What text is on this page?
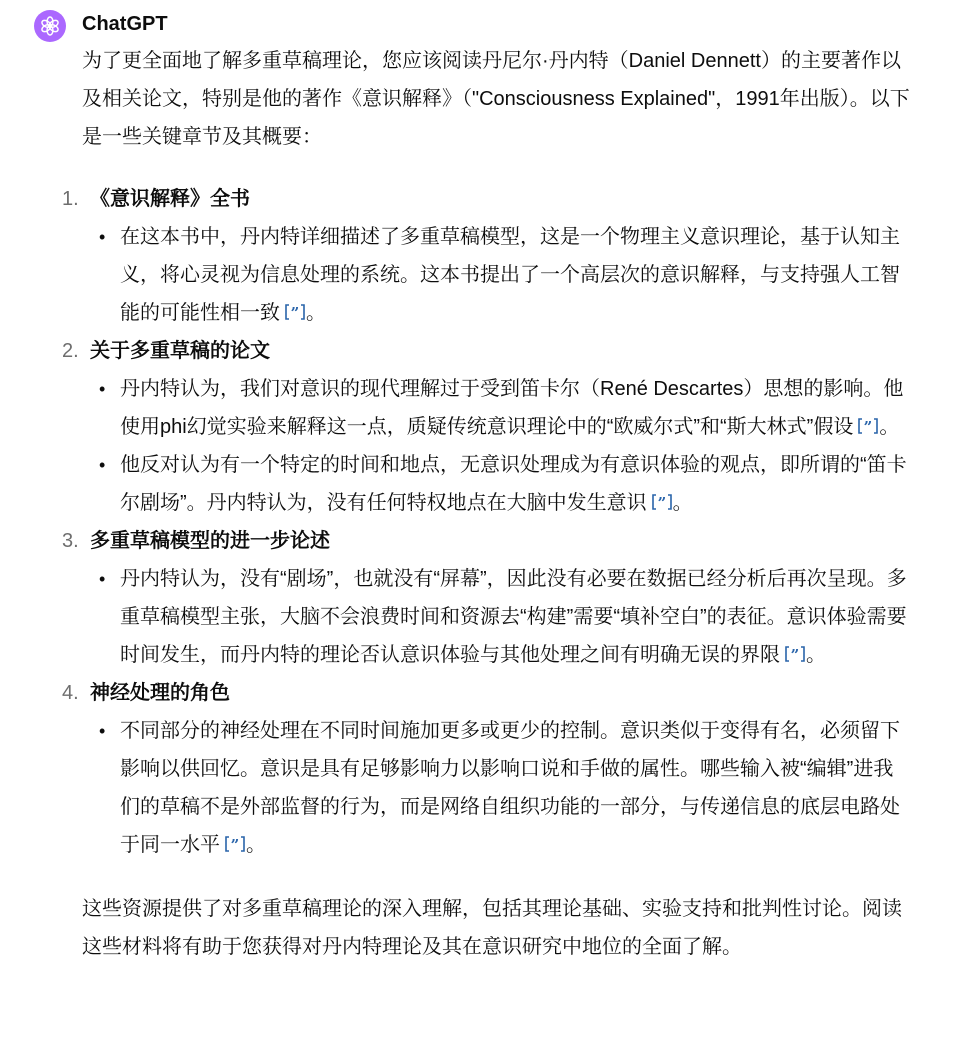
ChatGPT

为了更全面地了解多重草稿理论，您应该阅读丹尼尔·丹内特（Daniel Dennett）的主要著作以及相关论文，特别是他的著作《意识解释》（"Consciousness Explained"，1991年出版）。以下是一些关键章节及其概要：

1. 《意识解释》全书
• 在这本书中，丹内特详细描述了多重草稿模型，这是一个物理主义意识理论，基于认知主义，将心灵视为信息处理的系统。这本书提出了一个高层次的意识解释，与支持强人工智能的可能性相一致 ” 。
2. 关于多重草稿的论文
• 丹内特认为，我们对意识的现代理解过于受到笛卡尔（René Descartes）思想的影响。他使用phi幻觉实验来解释这一点，质疑传统意识理论中的“欧威尔式”和“斯大林式”假设 ” 。
• 他反对认为有一个特定的时间和地点，无意识处理成为有意识体验的观点，即所谓的“笛卡尔剧场”。丹内特认为，没有任何特权地点在大脑中发生意识 ” 。
3. 多重草稿模型的进一步论述
• 丹内特认为，没有“剧场”，也就没有“屏幕”，因此没有必要在数据已经分析后再次呈现。多重草稿模型主张，大脑不会浪费时间和资源去“构建”需要“填补空白”的表征。意识体验需要时间发生，而丹内特的理论否认意识体验与其他处理之间有明确无误的界限 ” 。
4. 神经处理的角色
• 不同部分的神经处理在不同时间施加更多或更少的控制。意识类似于变得有名，必须留下影响以供回忆。意识是具有足够影响力以影响口说和手做的属性。哪些输入被“编辑”进我们的草稿不是外部监督的行为，而是网络自组织功能的一部分，与传递信息的底层电路处于同一水平 ” 。

这些资源提供了对多重草稿理论的深入理解，包括其理论基础、实验支持和批判性讨论。阅读这些材料将有助于您获得对丹内特理论及其在意识研究中地位的全面了解。
